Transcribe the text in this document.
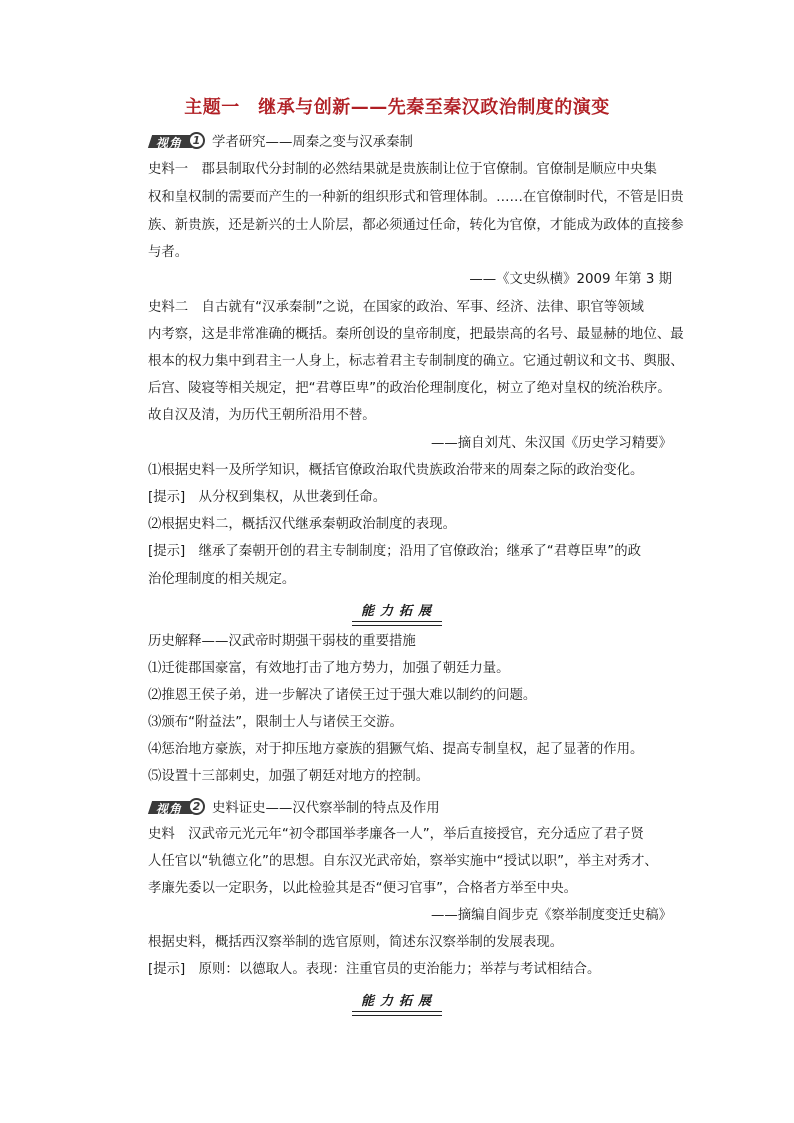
主题一　继承与创新——先秦至秦汉政治制度的演变
视角 1 学者研究——周秦之变与汉承秦制
史料一　郡县制取代分封制的必然结果就是贵族制让位于官僚制。官僚制是顺应中央集
权和皇权制的需要而产生的一种新的组织形式和管理体制。……在官僚制时代，不管是旧贵
族、新贵族，还是新兴的士人阶层，都必须通过任命，转化为官僚，才能成为政体的直接参
与者。
——《文史纵横》2009 年第 3 期
史料二　自古就有“汉承秦制”之说，在国家的政治、军事、经济、法律、职官等领域
内考察，这是非常准确的概括。秦所创设的皇帝制度，把最崇高的名号、最显赫的地位、最
根本的权力集中到君主一人身上，标志着君主专制制度的确立。它通过朝议和文书、舆服、
后宫、陵寝等相关规定，把“君尊臣卑”的政治伦理制度化，树立了绝对皇权的统治秩序。
故自汉及清，为历代王朝所沿用不替。
——摘自刘芃、朱汉国《历史学习精要》
⑴根据史料一及所学知识，概括官僚政治取代贵族政治带来的周秦之际的政治变化。
[提示]　从分权到集权，从世袭到任命。
⑵根据史料二，概括汉代继承秦朝政治制度的表现。
[提示]　继承了秦朝开创的君主专制制度；沿用了官僚政治；继承了“君尊臣卑”的政
治伦理制度的相关规定。
能力拓展
历史解释——汉武帝时期强干弱枝的重要措施
⑴迁徙郡国豪富，有效地打击了地方势力，加强了朝廷力量。
⑵推恩王侯子弟，进一步解决了诸侯王过于强大难以制约的问题。
⑶颁布“附益法”，限制士人与诸侯王交游。
⑷惩治地方豪族，对于抑压地方豪族的猖獗气焰、提高专制皇权，起了显著的作用。
⑸设置十三部刺史，加强了朝廷对地方的控制。
视角 2 史料证史——汉代察举制的特点及作用
史料　汉武帝元光元年“初令郡国举孝廉各一人”，举后直接授官，充分适应了君子贤
人任官以“轨德立化”的思想。自东汉光武帝始，察举实施中“授试以职”，举主对秀才、
孝廉先委以一定职务，以此检验其是否“便习官事”，合格者方举至中央。
——摘编自阎步克《察举制度变迁史稿》
根据史料，概括西汉察举制的选官原则，简述东汉察举制的发展表现。
[提示]　原则：以德取人。表现：注重官员的吏治能力；举荐与考试相结合。
能力拓展
